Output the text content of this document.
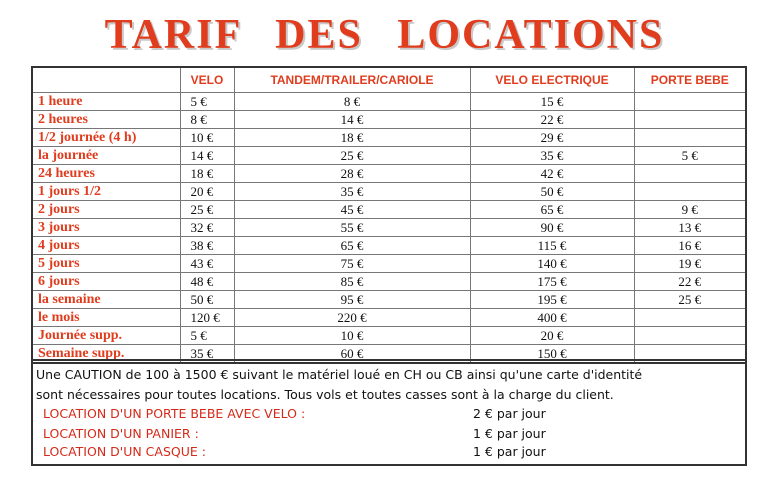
TARIF DES LOCATIONS
	VELO	TANDEM/TRAILER/CARIOLE	VELO ELECTRIQUE	PORTE BEBE
1 heure	5 €	8 €	15 €	
2 heures	8 €	14 €	22 €	
1/2 journée (4 h)	10 €	18 €	29 €	
la journée	14 €	25 €	35 €	5 €
24 heures	18 €	28 €	42 €	
1 jours 1/2	20 €	35 €	50 €	
2 jours	25 €	45 €	65 €	9 €
3 jours	32 €	55 €	90 €	13 €
4 jours	38 €	65 €	115 €	16 €
5 jours	43 €	75 €	140 €	19 €
6 jours	48 €	85 €	175 €	22 €
la semaine	50 €	95 €	195 €	25 €
le mois	120 €	220 €	400 €	
Journée supp.	5 €	10 €	20 €	
Semaine supp.	35 €	60 €	150 €	
Une CAUTION de 100 à 1500 € suivant le matériel loué en CH ou CB ainsi qu'une carte d'identité
sont nécessaires pour toutes locations. Tous vols et toutes casses sont à la charge du client.
LOCATION D'UN PORTE BEBE AVEC VELO :	2 € par jour
LOCATION D'UN PANIER :	1 € par jour
LOCATION D'UN CASQUE :	1 € par jour
